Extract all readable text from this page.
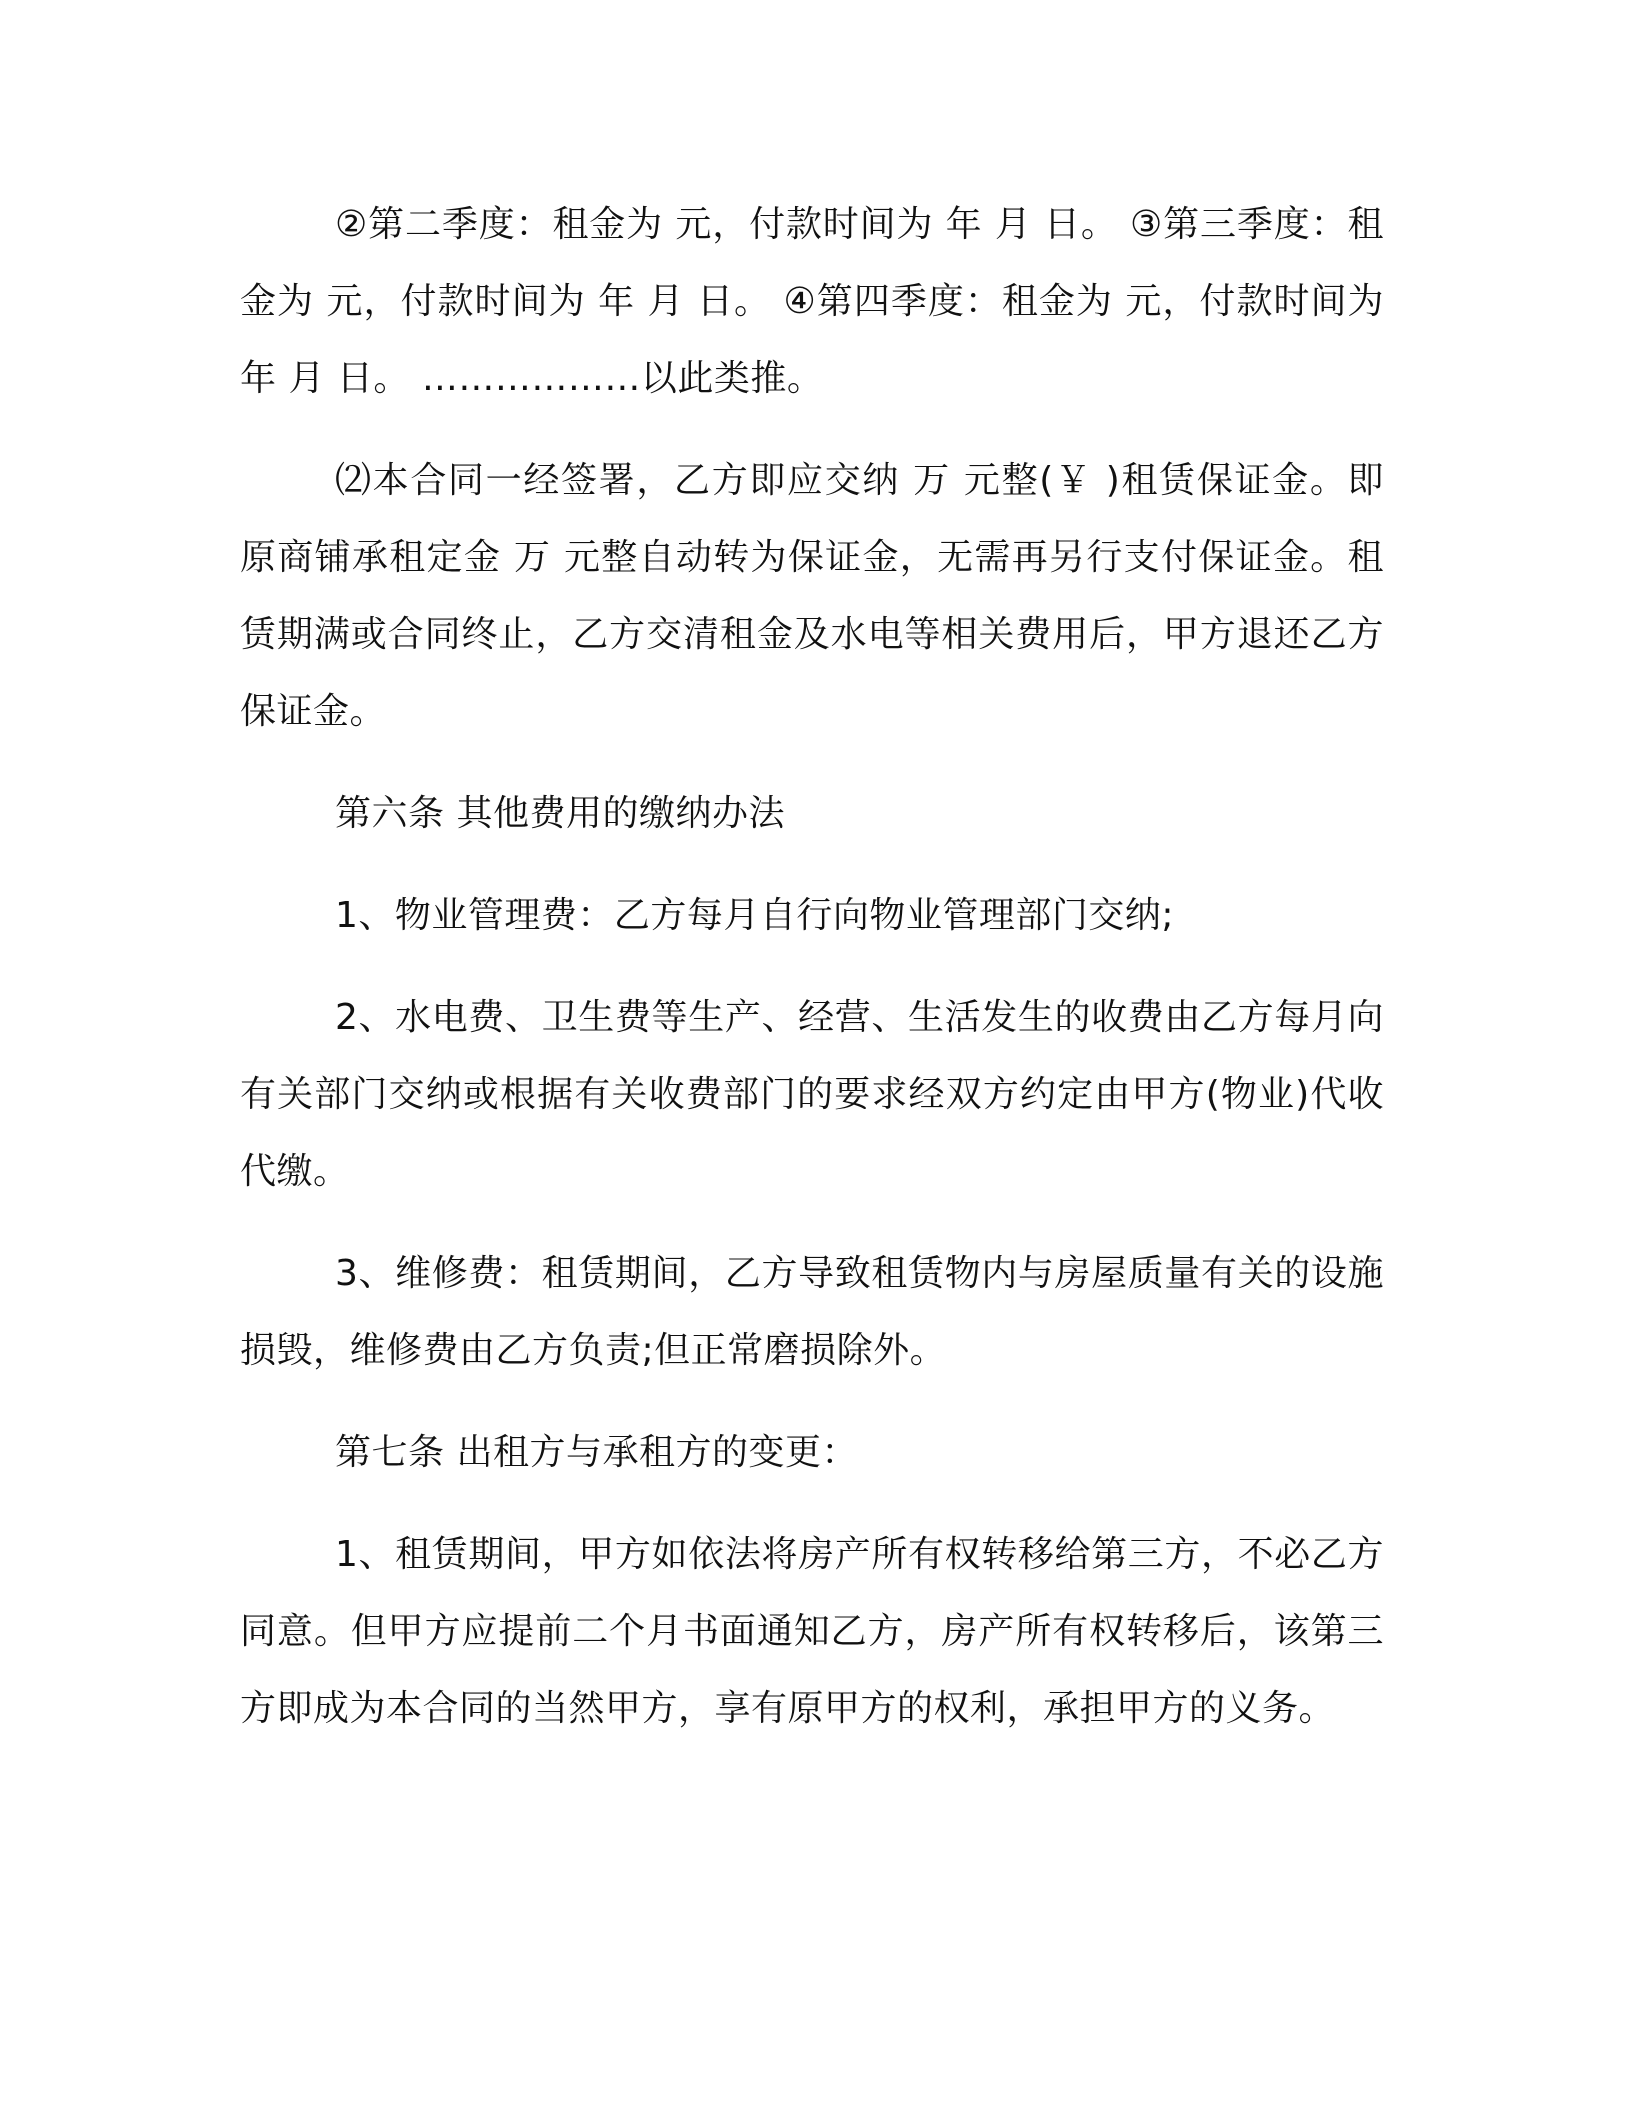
②第二季度：租金为 元，付款时间为 年 月 日。 ③第三季度：租金为 元，付款时间为 年 月 日。 ④第四季度：租金为 元，付款时间为 年 月 日。 ………………以此类推。

⑵本合同一经签署，乙方即应交纳 万 元整(￥ )租赁保证金。即原商铺承租定金 万 元整自动转为保证金，无需再另行支付保证金。租赁期满或合同终止，乙方交清租金及水电等相关费用后，甲方退还乙方保证金。

第六条 其他费用的缴纳办法

1、物业管理费：乙方每月自行向物业管理部门交纳;

2、水电费、卫生费等生产、经营、生活发生的收费由乙方每月向有关部门交纳或根据有关收费部门的要求经双方约定由甲方(物业)代收代缴。

3、维修费：租赁期间，乙方导致租赁物内与房屋质量有关的设施损毁，维修费由乙方负责;但正常磨损除外。

第七条 出租方与承租方的变更：

1、租赁期间，甲方如依法将房产所有权转移给第三方，不必乙方同意。但甲方应提前二个月书面通知乙方，房产所有权转移后，该第三方即成为本合同的当然甲方，享有原甲方的权利，承担甲方的义务。
